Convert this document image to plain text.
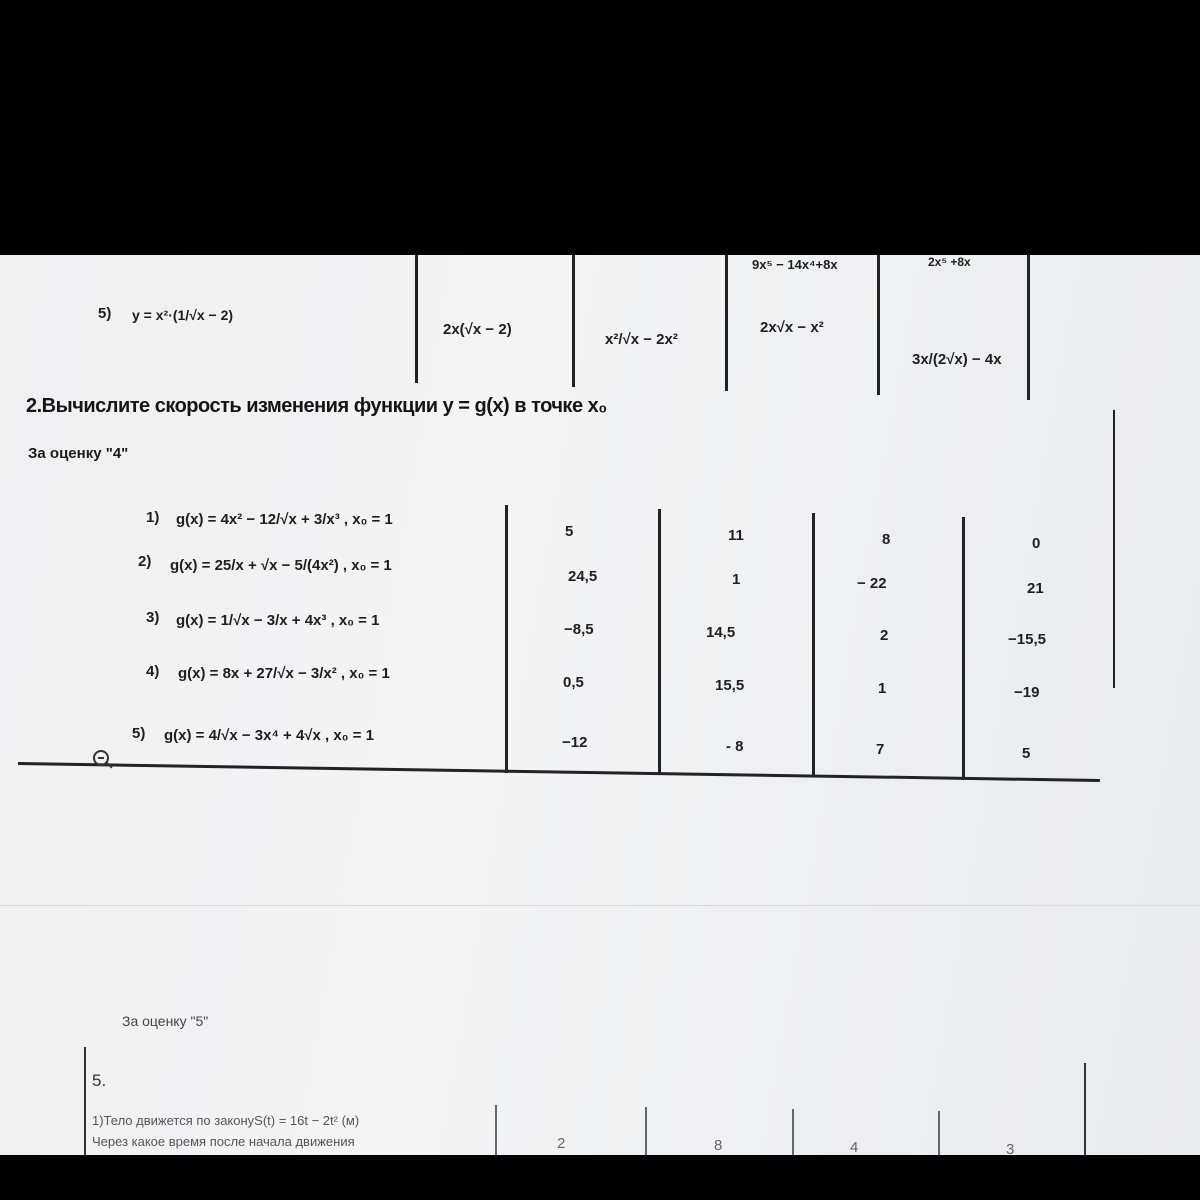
9x⁵ − 14x⁴+8x	2x⁵ +8x
5) y = x²·(1/√x − 2)
2x(√x − 2)
x²/√x − 2x²
2x√x − x²
3x/(2√x) − 4x
2.Вычислите скорость изменения функции y = g(x) в точке x₀
За оценку "4"
1) g(x) = 4x² − 12/√x + 3/x³ , x₀ = 1
2) g(x) = 25/x + √x − 5/(4x²) , x₀ = 1
3) g(x) = 1/√x − 3/x + 4x³ , x₀ = 1
4) g(x) = 8x + 27/√x − 3/x² , x₀ = 1
5) g(x) = 4/√x − 3x⁴ + 4√x , x₀ = 1
5	11	8	0
24,5	1	− 22	21
−8,5	14,5	2	−15,5
0,5	15,5	1	−19
−12	- 8	7	5
За оценку "5"
5.
1)Тело движется по законуS(t) = 16t − 2t² (м)
Через какое время после начала движения	2	8	4	3
